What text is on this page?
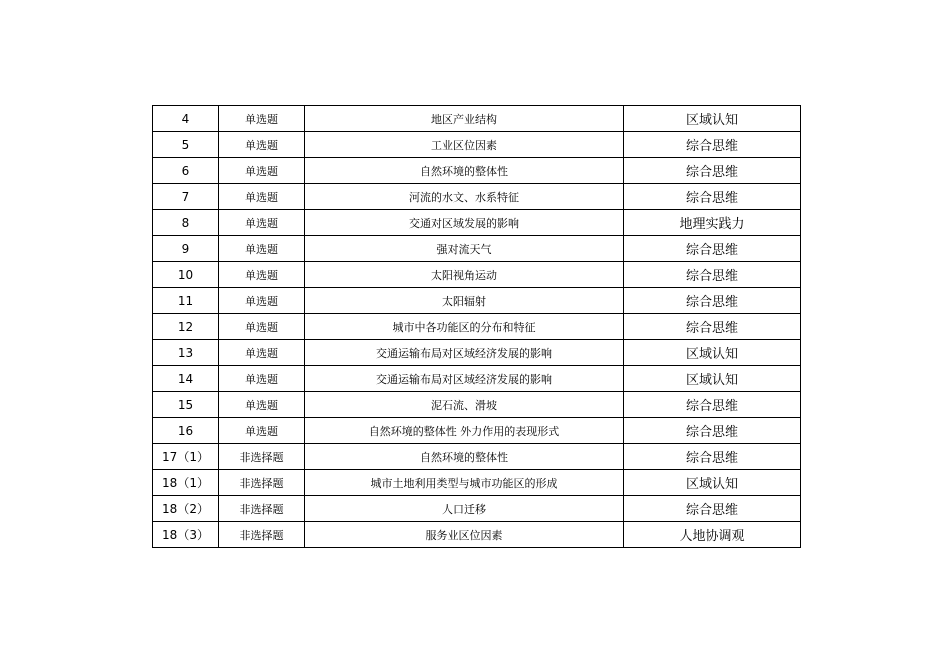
4	单选题	地区产业结构	区域认知
5	单选题	工业区位因素	综合思维
6	单选题	自然环境的整体性	综合思维
7	单选题	河流的水文、水系特征	综合思维
8	单选题	交通对区域发展的影响	地理实践力
9	单选题	强对流天气	综合思维
10	单选题	太阳视角运动	综合思维
11	单选题	太阳辐射	综合思维
12	单选题	城市中各功能区的分布和特征	综合思维
13	单选题	交通运输布局对区域经济发展的影响	区域认知
14	单选题	交通运输布局对区域经济发展的影响	区域认知
15	单选题	泥石流、滑坡	综合思维
16	单选题	自然环境的整体性 外力作用的表现形式	综合思维
17（1）	非选择题	自然环境的整体性	综合思维
18（1）	非选择题	城市土地利用类型与城市功能区的形成	区域认知
18（2）	非选择题	人口迁移	综合思维
18（3）	非选择题	服务业区位因素	人地协调观
